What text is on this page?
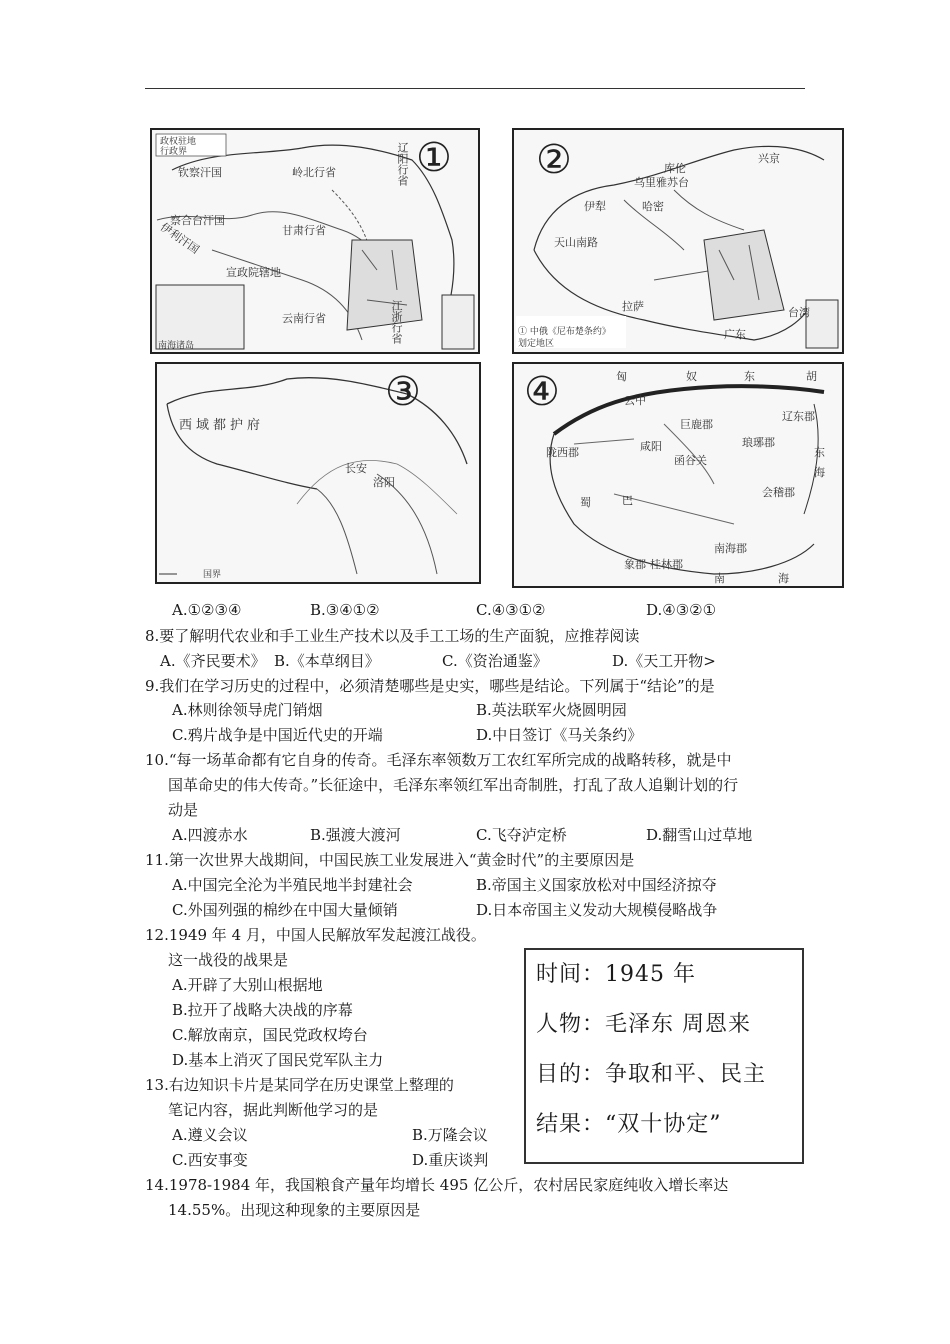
①
辽阳行省
岭北行省
钦察汗国
察合台汗国
伊利汗国	甘肃行省
宣政院辖地
云南行省	江浙行省
政权驻地
行政界
南海诸岛
②
伊犁	哈密
库伦
兴京
拉萨	台湾
广东
天山南路
乌里雅苏台
① 中俄《尼布楚条约》
划定地区
③
西域都护府
长安
洛阳
国界
④	匈	奴	东	胡
陇西郡	咸阳
巨鹿郡
琅琊郡
会稽郡
南海郡
象郡 桂林郡
云中
蜀	巴
函谷关
辽东郡
南	海
东
海
A.①②③④	B.③④①②	C.④③①②	D.④③②①
8.要了解明代农业和手工业生产技术以及手工工场的生产面貌，应推荐阅读
A.《齐民要术》 B.《本草纲目》	C.《资治通鉴》	D.《天工开物>
9.我们在学习历史的过程中，必须清楚哪些是史实，哪些是结论。下列属于“结论”的是
A.林则徐领导虎门销烟	B.英法联军火烧圆明园
C.鸦片战争是中国近代史的开端	D.中日签订《马关条约》
10.“每一场革命都有它自身的传奇。毛泽东率领数万工农红军所完成的战略转移，就是中
国革命史的伟大传奇。”长征途中，毛泽东率领红军出奇制胜，打乱了敌人追剿计划的行
动是
A.四渡赤水	B.强渡大渡河	C.飞夺泸定桥	D.翻雪山过草地
11.第一次世界大战期间，中国民族工业发展进入“黄金时代”的主要原因是
A.中国完全沦为半殖民地半封建社会	B.帝国主义国家放松对中国经济掠夺
C.外国列强的棉纱在中国大量倾销	D.日本帝国主义发动大规模侵略战争
12.1949 年 4 月，中国人民解放军发起渡江战役。
这一战役的战果是
A.开辟了大别山根据地
B.拉开了战略大决战的序幕
C.解放南京，国民党政权垮台
D.基本上消灭了国民党军队主力
13.右边知识卡片是某同学在历史课堂上整理的
笔记内容，据此判断他学习的是
A.遵义会议	B.万隆会议
C.西安事变	D.重庆谈判
时间：1945 年
人物：毛泽东 周恩来
目的：争取和平、民主
结果：“双十协定”
14.1978-1984 年，我国粮食产量年均增长 495 亿公斤，农村居民家庭纯收入增长率达
14.55%。出现这种现象的主要原因是
